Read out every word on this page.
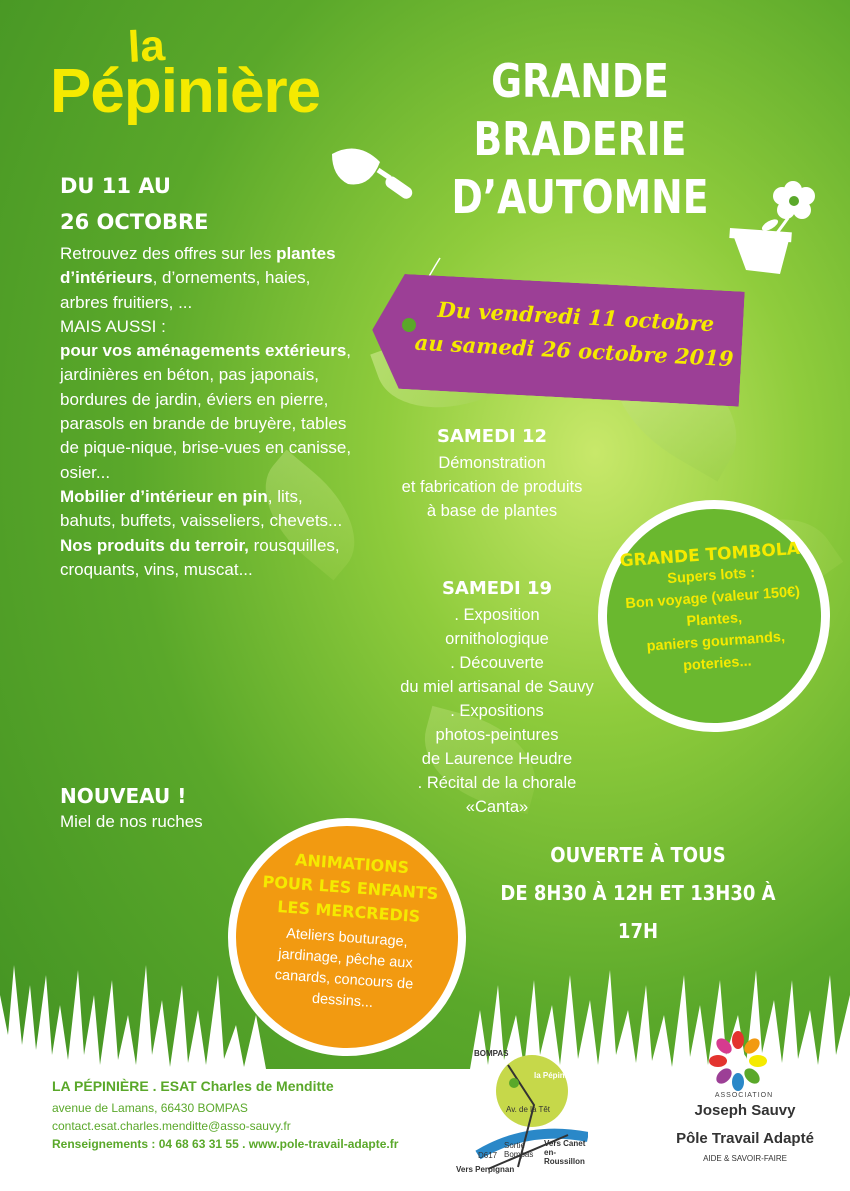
la
Pépinière	GRANDE
BRADERIE
D’AUTOMNE
Du vendredi 11 octobre
au samedi 26 octobre 2019
DU 11 AU
26 OCTOBRE
Retrouvez des offres sur les plantes d’intérieurs, d’ornements, haies, arbres fruitiers, ...
MAIS AUSSI :
pour vos aménagements extérieurs, jardinières en béton, pas japonais, bordures de jardin, éviers en pierre, parasols en brande de bruyère, tables de pique-nique, brise-vues en canisse, osier...
Mobilier d’intérieur en pin, lits, bahuts, buffets, vaisseliers, chevets...
Nos produits du terroir, rousquilles, croquants, vins, muscat...
NOUVEAU !
Miel de nos ruches
SAMEDI 12
Démonstration
et fabrication de produits
à base de plantes
SAMEDI 19
. Exposition
ornithologique
. Découverte
du miel artisanal de Sauvy
. Expositions
photos-peintures
de Laurence Heudre
. Récital de la chorale
«Canta»
GRANDE TOMBOLA
Supers lots :
Bon voyage (valeur 150€)
Plantes,
paniers gourmands,
poteries...
OUVERTE À TOUS
DE 8H30 À 12H ET 13H30 À 17H
ANIMATIONS
POUR LES ENFANTS
LES MERCREDIS
Ateliers bouturage,
jardinage, pêche aux
canards, concours de
dessins...
LA PÉPINIÈRE . ESAT Charles de Menditte
avenue de Lamans, 66430 BOMPAS
contact.esat.charles.menditte@asso-sauvy.fr
Renseignements : 04 68 63 31 55 . www.pole-travail-adapte.fr
BOMPAS
la Pépinière
Av. de la Têt
La Têt
D617
Sortie Bompas
Vers Perpignan
Vers Canet en-Roussillon
ASSOCIATION
Joseph Sauvy
Pôle Travail Adapté
AIDE & SAVOIR-FAIRE
